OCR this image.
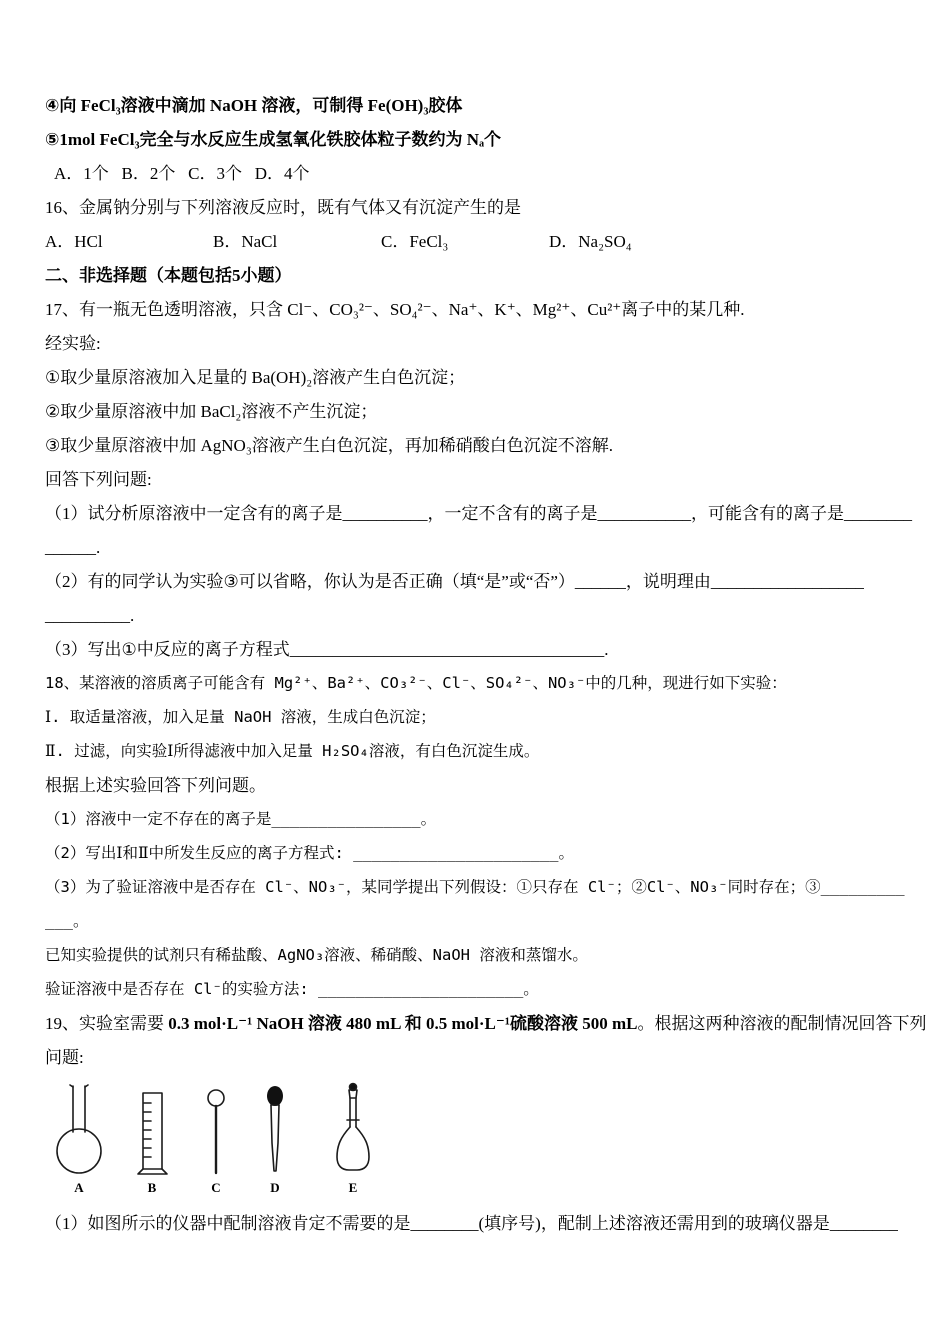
④向 FeCl₃溶液中滴加 NaOH 溶液，可制得 Fe(OH)₃胶体

⑤1mol FeCl₃完全与水反应生成氢氧化铁胶体粒子数约为 Nₐ个

A．1个   B．2个   C．3个   D．4个

16、金属钠分别与下列溶液反应时，既有气体又有沉淀产生的是

A．HCl	B．NaCl	C．FeCl₃	D．Na₂SO₄

二、非选择题（本题包括5小题）

17、有一瓶无色透明溶液，只含 Cl⁻、CO₃²⁻、SO₄²⁻、Na⁺、K⁺、Mg²⁺、Cu²⁺离子中的某几种.

经实验:

①取少量原溶液加入足量的 Ba(OH)₂溶液产生白色沉淀；

②取少量原溶液中加 BaCl₂溶液不产生沉淀；

③取少量原溶液中加 AgNO₃溶液产生白色沉淀，再加稀硝酸白色沉淀不溶解.

回答下列问题:

（1）试分析原溶液中一定含有的离子是__________，一定不含有的离子是___________，可能含有的离子是________

______.

（2）有的同学认为实验③可以省略，你认为是否正确（填“是”或“否”）______，说明理由__________________

__________.

（3）写出①中反应的离子方程式_____________________________________.

18、某溶液的溶质离子可能含有 Mg²⁺、Ba²⁺、CO₃²⁻、Cl⁻、SO₄²⁻、NO₃⁻中的几种，现进行如下实验：

Ⅰ. 取适量溶液，加入足量 NaOH 溶液，生成白色沉淀；

Ⅱ. 过滤，向实验Ⅰ所得滤液中加入足量 H₂SO₄溶液，有白色沉淀生成。

根据上述实验回答下列问题。

（1）溶液中一定不存在的离子是________________。

（2）写出Ⅰ和Ⅱ中所发生反应的离子方程式: ______________________。

（3）为了验证溶液中是否存在 Cl⁻、NO₃⁻，某同学提出下列假设：①只存在 Cl⁻；②Cl⁻、NO₃⁻同时存在；③_________

___。

已知实验提供的试剂只有稀盐酸、AgNO₃溶液、稀硝酸、NaOH 溶液和蒸馏水。

验证溶液中是否存在 Cl⁻的实验方法: ______________________。

19、实验室需要 0.3 mol·L⁻¹ NaOH 溶液 480 mL 和 0.5 mol·L⁻¹硫酸溶液 500 mL。根据这两种溶液的配制情况回答下列

问题:

A	B	C	D	E

（1）如图所示的仪器中配制溶液肯定不需要的是________(填序号)，配制上述溶液还需用到的玻璃仪器是________
